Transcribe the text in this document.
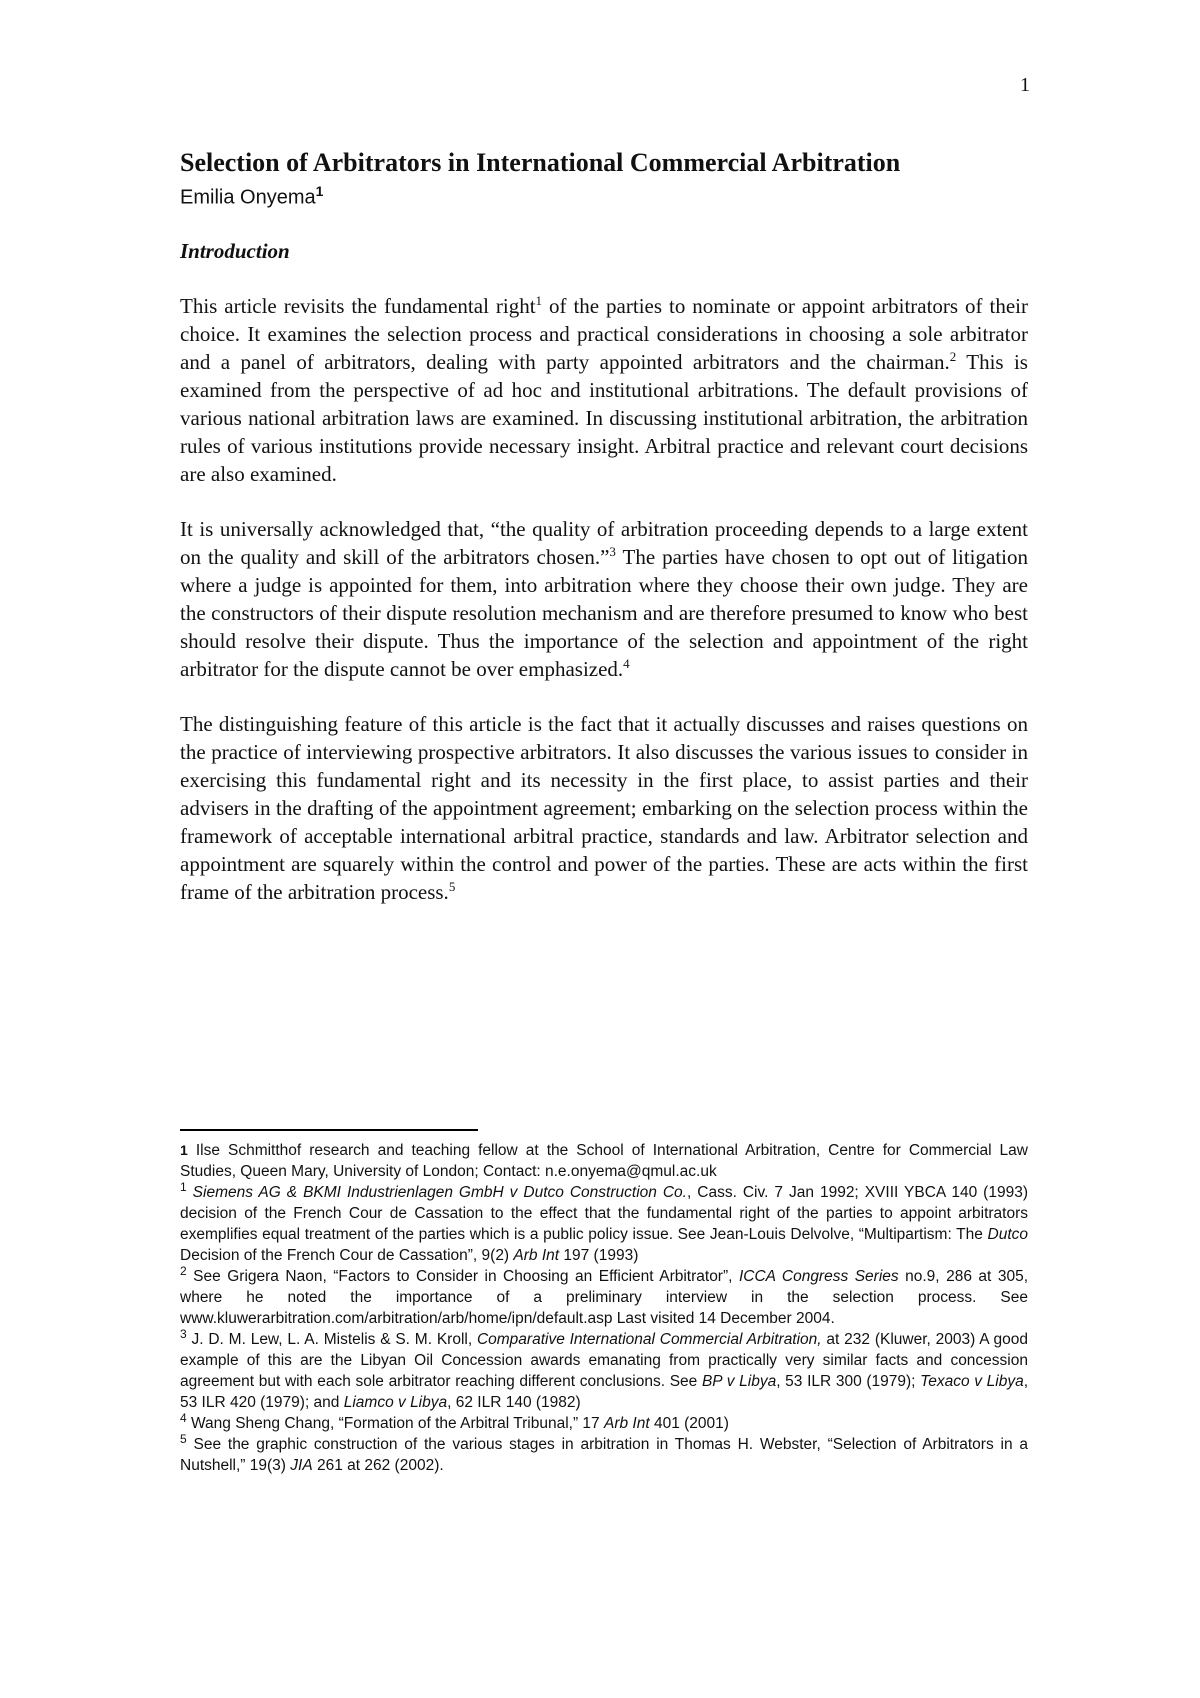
1
Selection of Arbitrators in International Commercial Arbitration

Emilia Onyema$^1$

Introduction

This article revisits the fundamental right$^1$ of the parties to nominate or appoint arbitrators of their choice. It examines the selection process and practical considerations in choosing a sole arbitrator and a panel of arbitrators, dealing with party appointed arbitrators and the chairman.$^2$ This is examined from the perspective of ad hoc and institutional arbitrations. The default provisions of various national arbitration laws are examined. In discussing institutional arbitration, the arbitration rules of various institutions provide necessary insight. Arbitral practice and relevant court decisions are also examined.

It is universally acknowledged that, “the quality of arbitration proceeding depends to a large extent on the quality and skill of the arbitrators chosen.”$^3$ The parties have chosen to opt out of litigation where a judge is appointed for them, into arbitration where they choose their own judge. They are the constructors of their dispute resolution mechanism and are therefore presumed to know who best should resolve their dispute. Thus the importance of the selection and appointment of the right arbitrator for the dispute cannot be over emphasized.$^4$

The distinguishing feature of this article is the fact that it actually discusses and raises questions on the practice of interviewing prospective arbitrators. It also discusses the various issues to consider in exercising this fundamental right and its necessity in the first place, to assist parties and their advisers in the drafting of the appointment agreement; embarking on the selection process within the framework of acceptable international arbitral practice, standards and law. Arbitrator selection and appointment are squarely within the control and power of the parties. These are acts within the first frame of the arbitration process.$^5$

1 Ilse Schmitthof research and teaching fellow at the School of International Arbitration, Centre for Commercial Law Studies, Queen Mary, University of London; Contact: n.e.onyema@qmul.ac.uk

$^1$ Siemens AG & BKMI Industrienlagen GmbH v Dutco Construction Co., Cass. Civ. 7 Jan 1992; XVIII YBCA 140 (1993) decision of the French Cour de Cassation to the effect that the fundamental right of the parties to appoint arbitrators exemplifies equal treatment of the parties which is a public policy issue. See Jean-Louis Delvolve, “Multipartism: The Dutco Decision of the French Cour de Cassation”, 9(2) Arb Int 197 (1993)

$^2$ See Grigera Naon, “Factors to Consider in Choosing an Efficient Arbitrator”, ICCA Congress Series no.9, 286 at 305, where he noted the importance of a preliminary interview in the selection process. See www.kluwerarbitration.com/arbitration/arb/home/ipn/default.asp Last visited 14 December 2004.

$^3$ J. D. M. Lew, L. A. Mistelis & S. M. Kroll, Comparative International Commercial Arbitration, at 232 (Kluwer, 2003) A good example of this are the Libyan Oil Concession awards emanating from practically very similar facts and concession agreement but with each sole arbitrator reaching different conclusions. See BP v Libya, 53 ILR 300 (1979); Texaco v Libya, 53 ILR 420 (1979); and Liamco v Libya, 62 ILR 140 (1982)

$^4$ Wang Sheng Chang, “Formation of the Arbitral Tribunal,” 17 Arb Int 401 (2001)

$^5$ See the graphic construction of the various stages in arbitration in Thomas H. Webster, “Selection of Arbitrators in a Nutshell,” 19(3) JIA 261 at 262 (2002).
